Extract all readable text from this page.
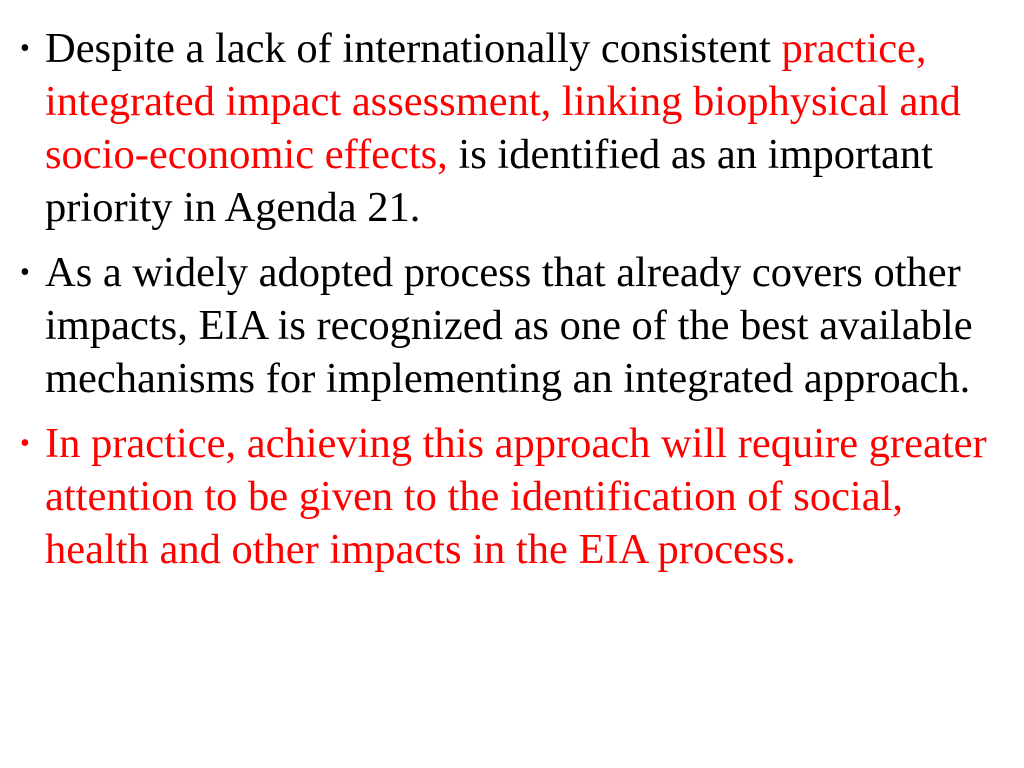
• Despite a lack of internationally consistent practice, integrated impact assessment, linking biophysical and socio-economic effects, is identified as an important priority in Agenda 21.
• As a widely adopted process that already covers other impacts, EIA is recognized as one of the best available mechanisms for implementing an integrated approach.
• In practice, achieving this approach will require greater attention to be given to the identification of social, health and other impacts in the EIA process.
